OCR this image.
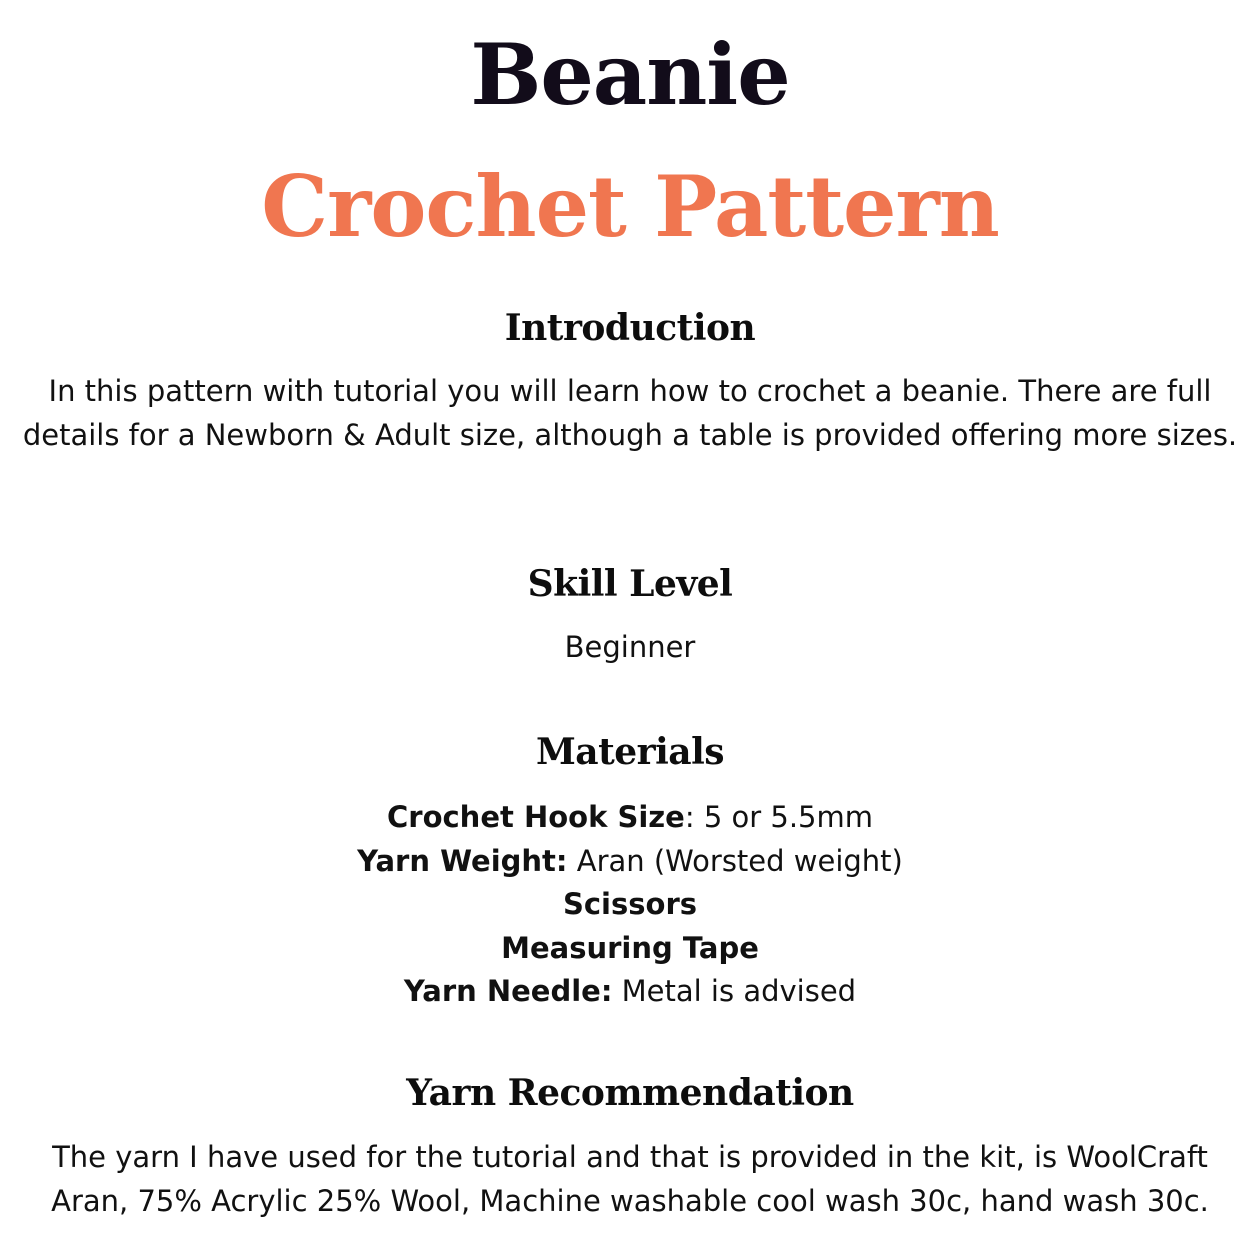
Beanie
Crochet Pattern
Introduction
In this pattern with tutorial you will learn how to crochet a beanie. There are full details for a Newborn & Adult size, although a table is provided offering more sizes.
Skill Level
Beginner
Materials
Crochet Hook Size: 5 or 5.5mm
Yarn Weight: Aran (Worsted weight)
Scissors
Measuring Tape
Yarn Needle: Metal is advised
Yarn Recommendation
The yarn I have used for the tutorial and that is provided in the kit, is WoolCraft Aran, 75% Acrylic 25% Wool, Machine washable cool wash 30c, hand wash 30c.
